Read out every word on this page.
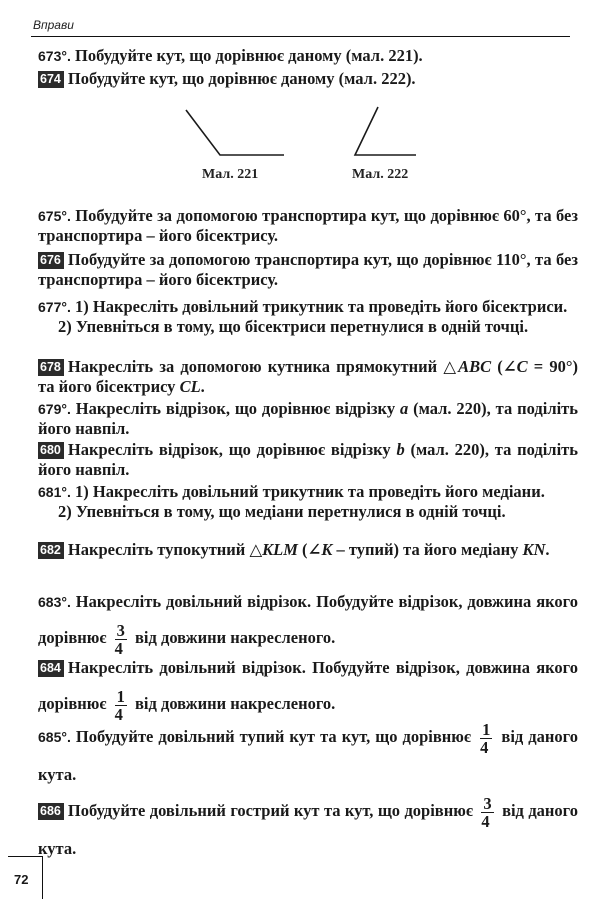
Вправи
673°. Побудуйте кут, що дорівнює даному (мал. 221).
674 Побудуйте кут, що дорівнює даному (мал. 222).
Мал. 221	Мал. 222
675°. Побудуйте за допомогою транспортира кут, що дорівнює 60°, та без транспортира – його бісектрису.
676 Побудуйте за допомогою транспортира кут, що дорівнює 110°, та без транспортира – його бісектрису.
677°. 1) Накресліть довільний трикутник та проведіть його бісектриси.
2) Упевніться в тому, що бісектриси перетнулися в одній точці.
678 Накресліть за допомогою кутника прямокутний △ABC (∠C = 90°) та його бісектрису CL.
679°. Накресліть відрізок, що дорівнює відрізку a (мал. 220), та поділіть його навпіл.
680 Накресліть відрізок, що дорівнює відрізку b (мал. 220), та поділіть його навпіл.
681°. 1) Накресліть довільний трикутник та проведіть його медіани.
2) Упевніться в тому, що медіани перетнулися в одній точці.
682 Накресліть тупокутний △KLM (∠K – тупий) та його медіану KN.
683°. Накресліть довільний відрізок. Побудуйте відрізок, довжина якого дорівнює $\frac{3}{4}$ від довжини накресленого.
684 Накресліть довільний відрізок. Побудуйте відрізок, довжина якого дорівнює $\frac{1}{4}$ від довжини накресленого.
685°. Побудуйте довільний тупий кут та кут, що дорівнює $\frac{1}{4}$ від даного кута.
686 Побудуйте довільний гострий кут та кут, що дорівнює $\frac{3}{4}$ від даного кута.
72
